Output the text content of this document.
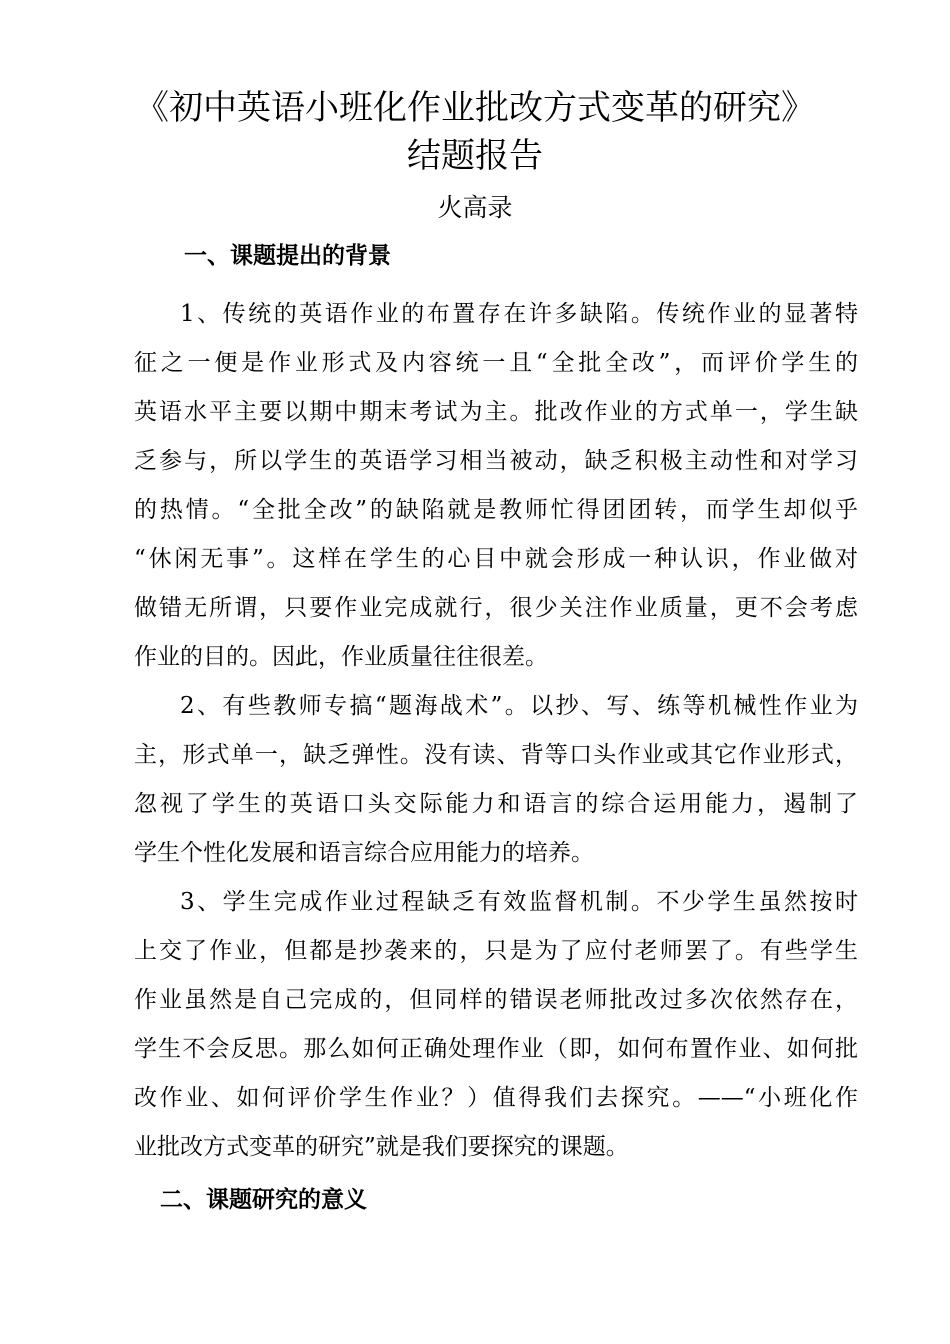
《初中英语小班化作业批改方式变革的研究》
结题报告

火高录

一、课题提出的背景
1、传统的英语作业的布置存在许多缺陷。传统作业的显著特
征之一便是作业形式及内容统一且“全批全改”，而评价学生的
英语水平主要以期中期末考试为主。批改作业的方式单一，学生缺
乏参与，所以学生的英语学习相当被动，缺乏积极主动性和对学习
的热情。“全批全改”的缺陷就是教师忙得团团转，而学生却似乎
“休闲无事”。这样在学生的心目中就会形成一种认识，作业做对
做错无所谓，只要作业完成就行，很少关注作业质量，更不会考虑
作业的目的。因此，作业质量往往很差。
2、有些教师专搞“题海战术”。以抄、写、练等机械性作业为
主，形式单一，缺乏弹性。没有读、背等口头作业或其它作业形式，
忽视了学生的英语口头交际能力和语言的综合运用能力，遏制了
学生个性化发展和语言综合应用能力的培养。
3、学生完成作业过程缺乏有效监督机制。不少学生虽然按时
上交了作业，但都是抄袭来的，只是为了应付老师罢了。有些学生
作业虽然是自己完成的，但同样的错误老师批改过多次依然存在，
学生不会反思。那么如何正确处理作业（即，如何布置作业、如何批
改作业、如何评价学生作业？）值得我们去探究。——“小班化作
业批改方式变革的研究”就是我们要探究的课题。
二、课题研究的意义
